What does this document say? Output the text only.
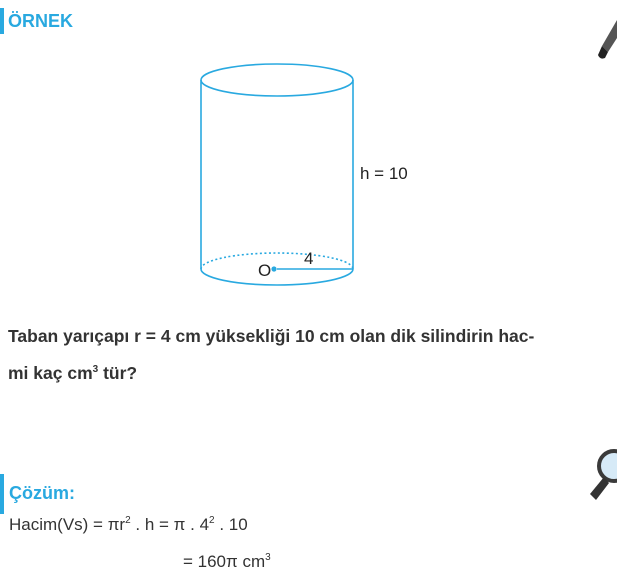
ÖRNEK
O
4
h = 10
Taban yarıçapı r = 4 cm yüksekliği 10 cm olan dik silindirin hac-
mi kaç $cm^3$ tür?
Çözüm:
Hacim(Vs) = $\pi r^2$ . h = π . $4^2$ . 10
= 160π $cm^3$
